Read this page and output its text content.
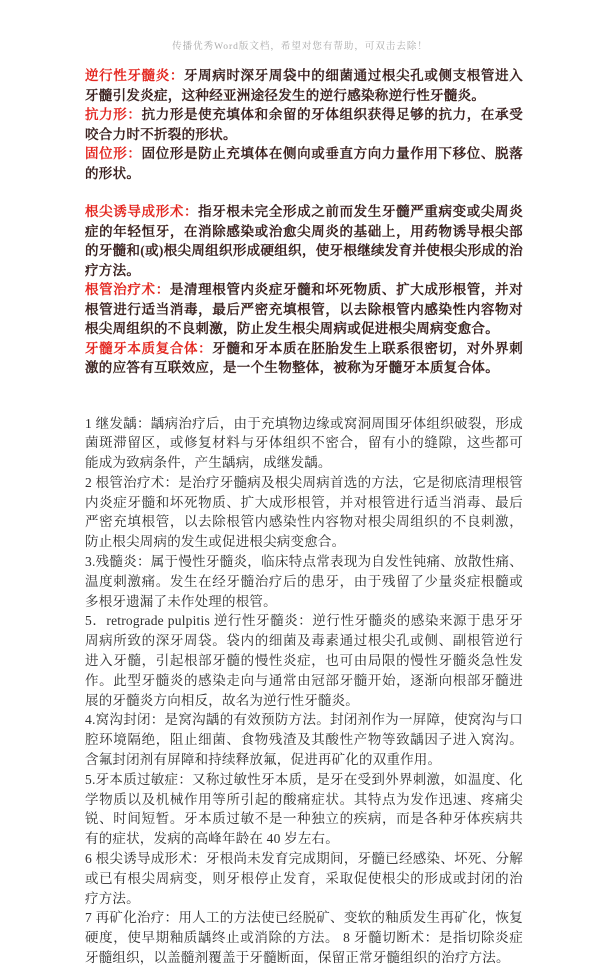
传播优秀Word版文档，希望对您有帮助，可双击去除！

逆行性牙髓炎：牙周病时深牙周袋中的细菌通过根尖孔或侧支根管进入牙髓引发炎症，这种经亚洲途径发生的逆行感染称逆行性牙髓炎。

抗力形：抗力形是使充填体和余留的牙体组织获得足够的抗力，在承受咬合力时不折裂的形状。

固位形：固位形是防止充填体在侧向或垂直方向力量作用下移位、脱落的形状。

根尖诱导成形术：指牙根未完全形成之前而发生牙髓严重病变或尖周炎症的年轻恒牙，在消除感染或治愈尖周炎的基础上，用药物诱导根尖部的牙髓和(或)根尖周组织形成硬组织，使牙根继续发育并使根尖形成的治疗方法。

根管治疗术：是清理根管内炎症牙髓和坏死物质、扩大成形根管，并对根管进行适当消毒，最后严密充填根管，以去除根管内感染性内容物对根尖周组织的不良刺激，防止发生根尖周病或促进根尖周病变愈合。

牙髓牙本质复合体：牙髓和牙本质在胚胎发生上联系很密切，对外界刺激的应答有互联效应，是一个生物整体，被称为牙髓牙本质复合体。

1 继发龋：龋病治疗后，由于充填物边缘或窝洞周围牙体组织破裂，形成菌斑滞留区，或修复材料与牙体组织不密合，留有小的缝隙，这些都可能成为致病条件，产生龋病，成继发龋。

2 根管治疗术：是治疗牙髓病及根尖周病首选的方法，它是彻底清理根管内炎症牙髓和坏死物质、扩大成形根管，并对根管进行适当消毒、最后严密充填根管，以去除根管内感染性内容物对根尖周组织的不良刺激，防止根尖周病的发生或促进根尖病变愈合。

3.残髓炎：属于慢性牙髓炎，临床特点常表现为自发性钝痛、放散性痛、温度刺激痛。发生在经牙髓治疗后的患牙，由于残留了少量炎症根髓或多根牙遗漏了未作处理的根管。

5．retrograde pulpitis 逆行性牙髓炎：逆行性牙髓炎的感染来源于患牙牙周病所致的深牙周袋。袋内的细菌及毒素通过根尖孔或侧、副根管逆行进入牙髓，引起根部牙髓的慢性炎症，也可由局限的慢性牙髓炎急性发作。此型牙髓炎的感染走向与通常由冠部牙髓开始，逐渐向根部牙髓进展的牙髓炎方向相反，故名为逆行性牙髓炎。

4.窝沟封闭：是窝沟龋的有效预防方法。封闭剂作为一屏障，使窝沟与口腔环境隔绝，阻止细菌、食物残渣及其酸性产物等致龋因子进入窝沟。含氟封闭剂有屏障和持续释放氟，促进再矿化的双重作用。

5.牙本质过敏症：又称过敏性牙本质，是牙在受到外界刺激，如温度、化学物质以及机械作用等所引起的酸痛症状。其特点为发作迅速、疼痛尖锐、时间短暂。牙本质过敏不是一种独立的疾病，而是各种牙体疾病共有的症状，发病的高峰年龄在 40 岁左右。

6 根尖诱导成形术：牙根尚未发育完成期间，牙髓已经感染、坏死、分解或已有根尖周病变，则牙根停止发育，采取促使根尖的形成或封闭的治疗方法。

7 再矿化治疗：用人工的方法使已经脱矿、变软的釉质发生再矿化，恢复硬度，使早期釉质龋终止或消除的方法。 8 牙髓切断术：是指切除炎症牙髓组织，以盖髓剂覆盖于牙髓断面，保留正常牙髓组织的治疗方法。
